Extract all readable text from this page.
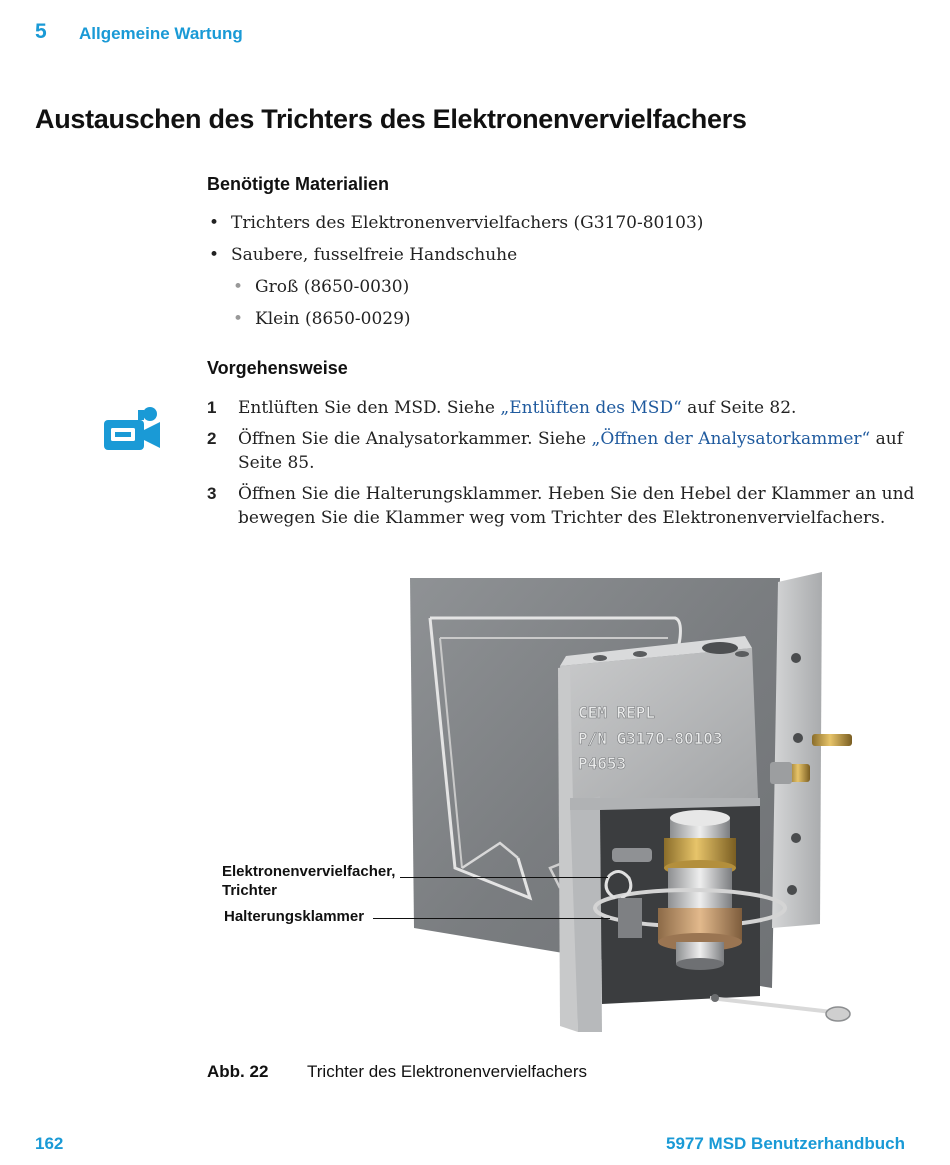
5 Allgemeine Wartung
Austauschen des Trichters des Elektronenvervielfachers
Benötigte Materialien
• Trichters des Elektronenvervielfachers (G3170-80103)
• Saubere, fusselfreie Handschuhe
• Groß (8650-0030)
• Klein (8650-0029)
Vorgehensweise
1 Entlüften Sie den MSD. Siehe „Entlüften des MSD“ auf Seite 82.
2 Öffnen Sie die Analysatorkammer. Siehe „Öffnen der Analysatorkammer“ auf Seite 85.
3 Öffnen Sie die Halterungsklammer. Heben Sie den Hebel der Klammer an und bewegen Sie die Klammer weg vom Trichter des Elektronenvervielfachers.
CEM REPL
P/N G3170-80103
P4653
Elektronenvervielfacher,
Trichter
Halterungsklammer
Abb. 22 Trichter des Elektronenvervielfachers
162	5977 MSD Benutzerhandbuch
